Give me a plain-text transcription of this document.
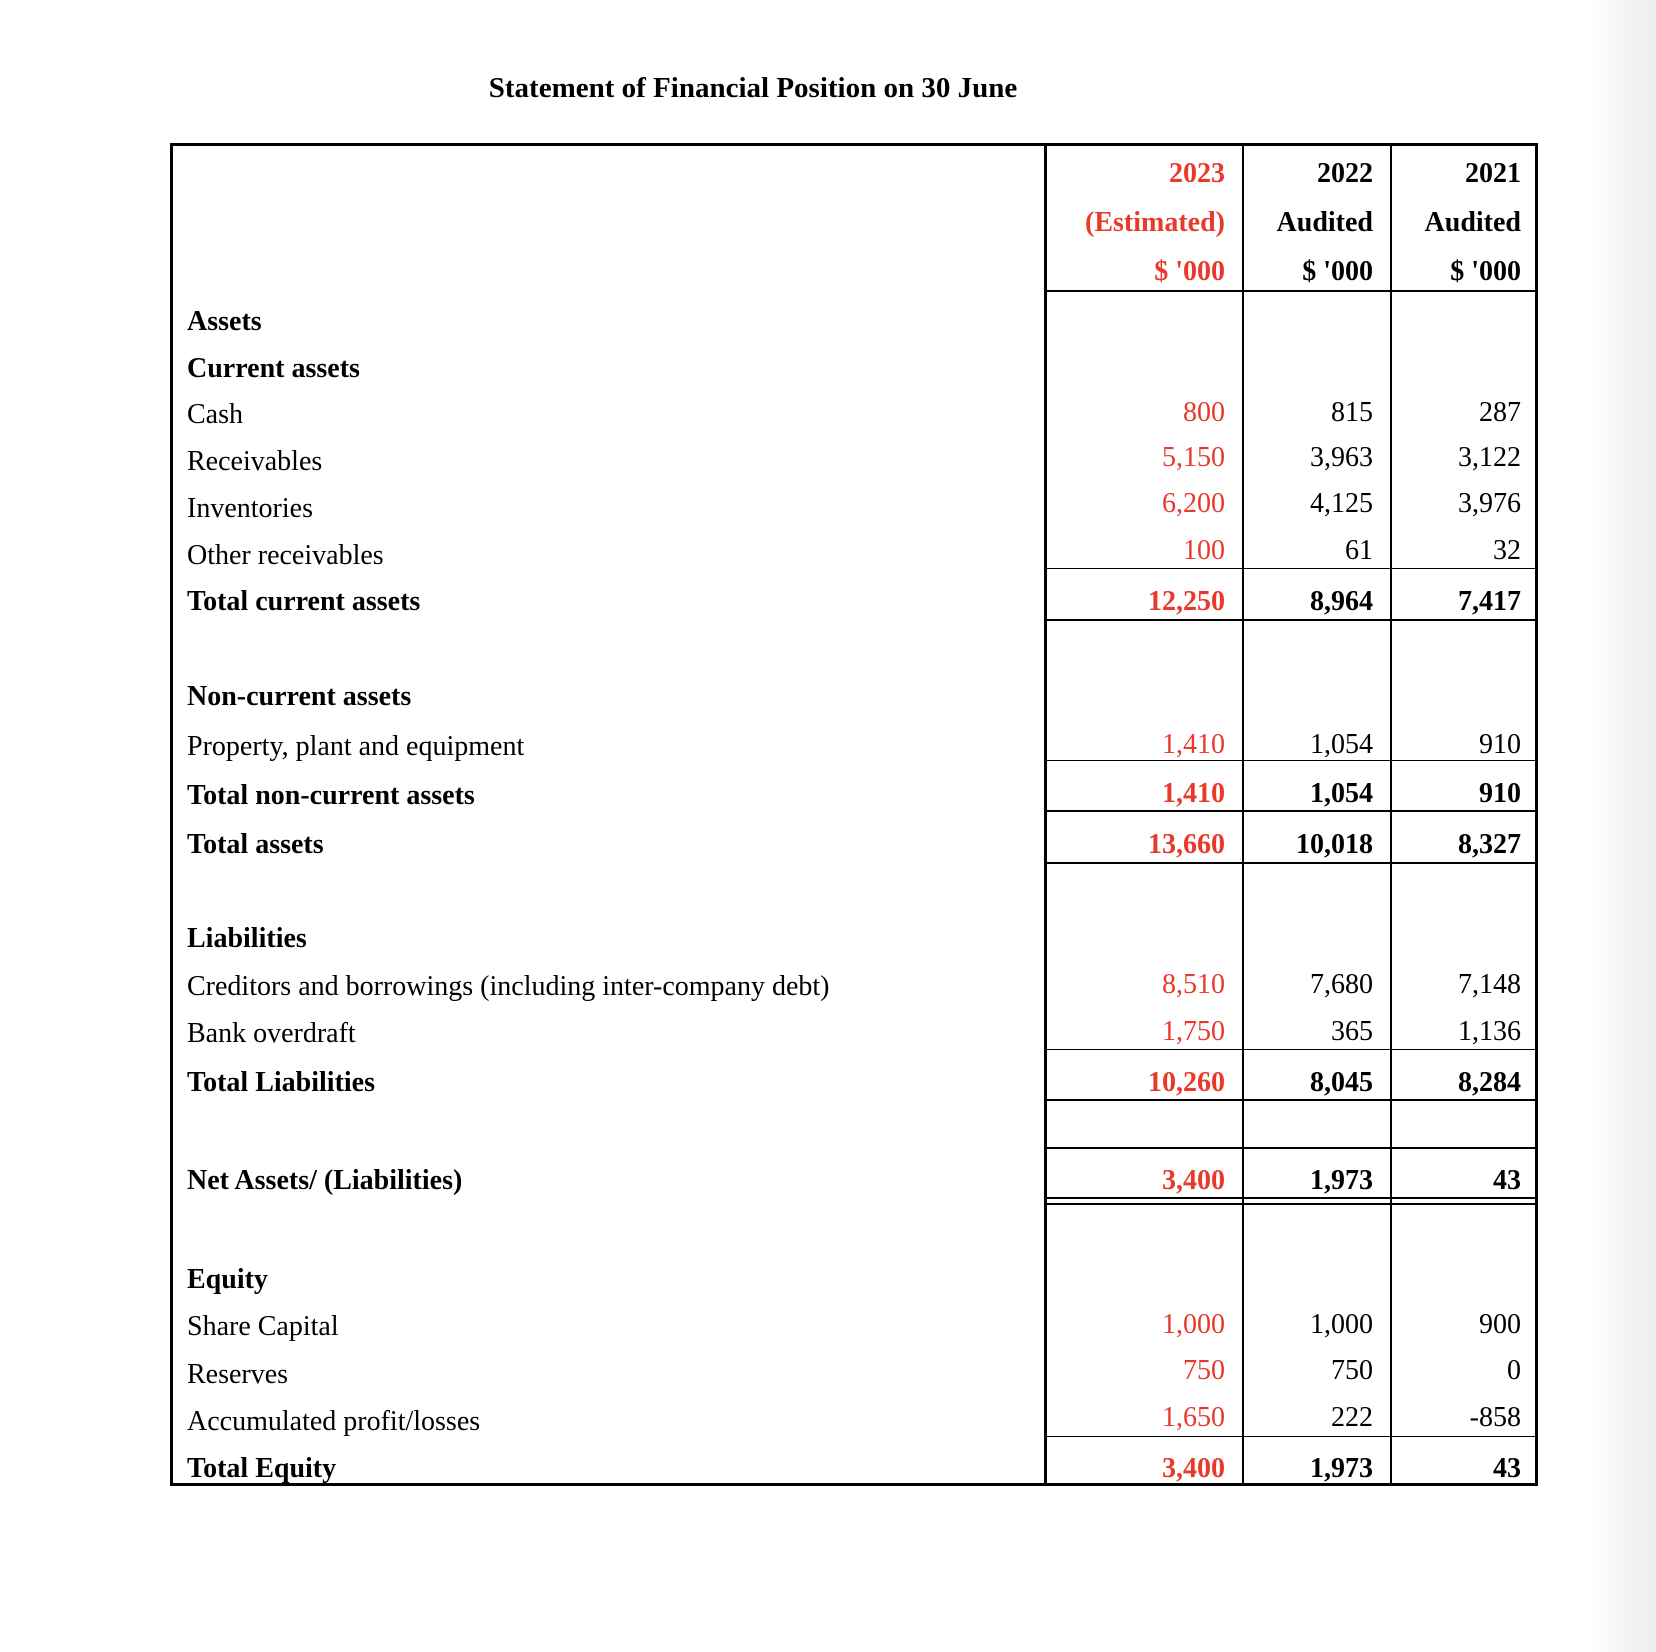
Statement of Financial Position on 30 June
2023
(Estimated)
$ '000
2022
Audited
$ '000
2021
Audited
$ '000
Assets
Current assets
Cash	800	815	287
Receivables	5,150	3,963	3,122
Inventories	6,200	4,125	3,976
Other receivables	100	61	32
Total current assets	12,250	8,964	7,417
Non-current assets
Property, plant and equipment	1,410	1,054	910
Total non-current assets	1,410	1,054	910
Total assets	13,660	10,018	8,327
Liabilities
Creditors and borrowings (including inter-company debt)	8,510	7,680	7,148
Bank overdraft	1,750	365	1,136
Total Liabilities	10,260	8,045	8,284
Net Assets/ (Liabilities)	3,400	1,973	43
Equity
Share Capital	1,000	1,000	900
Reserves	750	750	0
Accumulated profit/losses	1,650	222	-858
Total Equity	3,400	1,973	43
